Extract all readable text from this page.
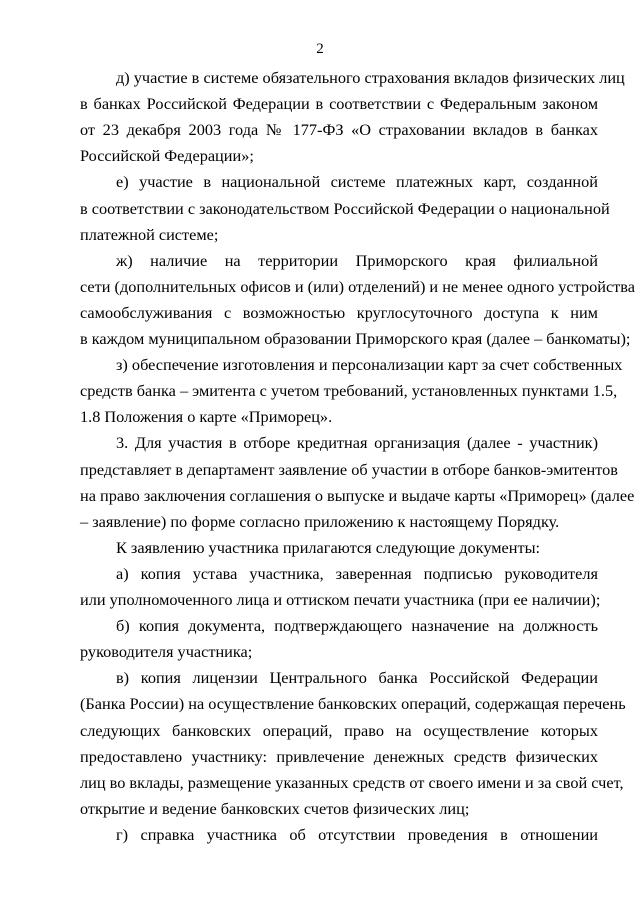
2
д) участие в системе обязательного страхования вкладов физических лиц
в банках Российской Федерации в соответствии с Федеральным законом
от 23 декабря 2003 года № 177-ФЗ «О страховании вкладов в банках
Российской Федерации»;
е) участие в национальной системе платежных карт, созданной
в соответствии с законодательством Российской Федерации о национальной
платежной системе;
ж) наличие на территории Приморского края филиальной
сети (дополнительных офисов и (или) отделений) и не менее одного устройства
самообслуживания с возможностью круглосуточного доступа к ним
в каждом муниципальном образовании Приморского края (далее – банкоматы);
з) обеспечение изготовления и персонализации карт за счет собственных
средств банка – эмитента с учетом требований, установленных пунктами 1.5,
1.8 Положения о карте «Приморец».
3. Для участия в отборе кредитная организация (далее - участник)
представляет в департамент заявление об участии в отборе банков-эмитентов
на право заключения соглашения о выпуске и выдаче карты «Приморец» (далее
– заявление) по форме согласно приложению к настоящему Порядку.
К заявлению участника прилагаются следующие документы:
а) копия устава участника, заверенная подписью руководителя
или уполномоченного лица и оттиском печати участника (при ее наличии);
б) копия документа, подтверждающего назначение на должность
руководителя участника;
в) копия лицензии Центрального банка Российской Федерации
(Банка России) на осуществление банковских операций, содержащая перечень
следующих банковских операций, право на осуществление которых
предоставлено участнику: привлечение денежных средств физических
лиц во вклады, размещение указанных средств от своего имени и за свой счет,
открытие и ведение банковских счетов физических лиц;
г) справка участника об отсутствии проведения в отношении
